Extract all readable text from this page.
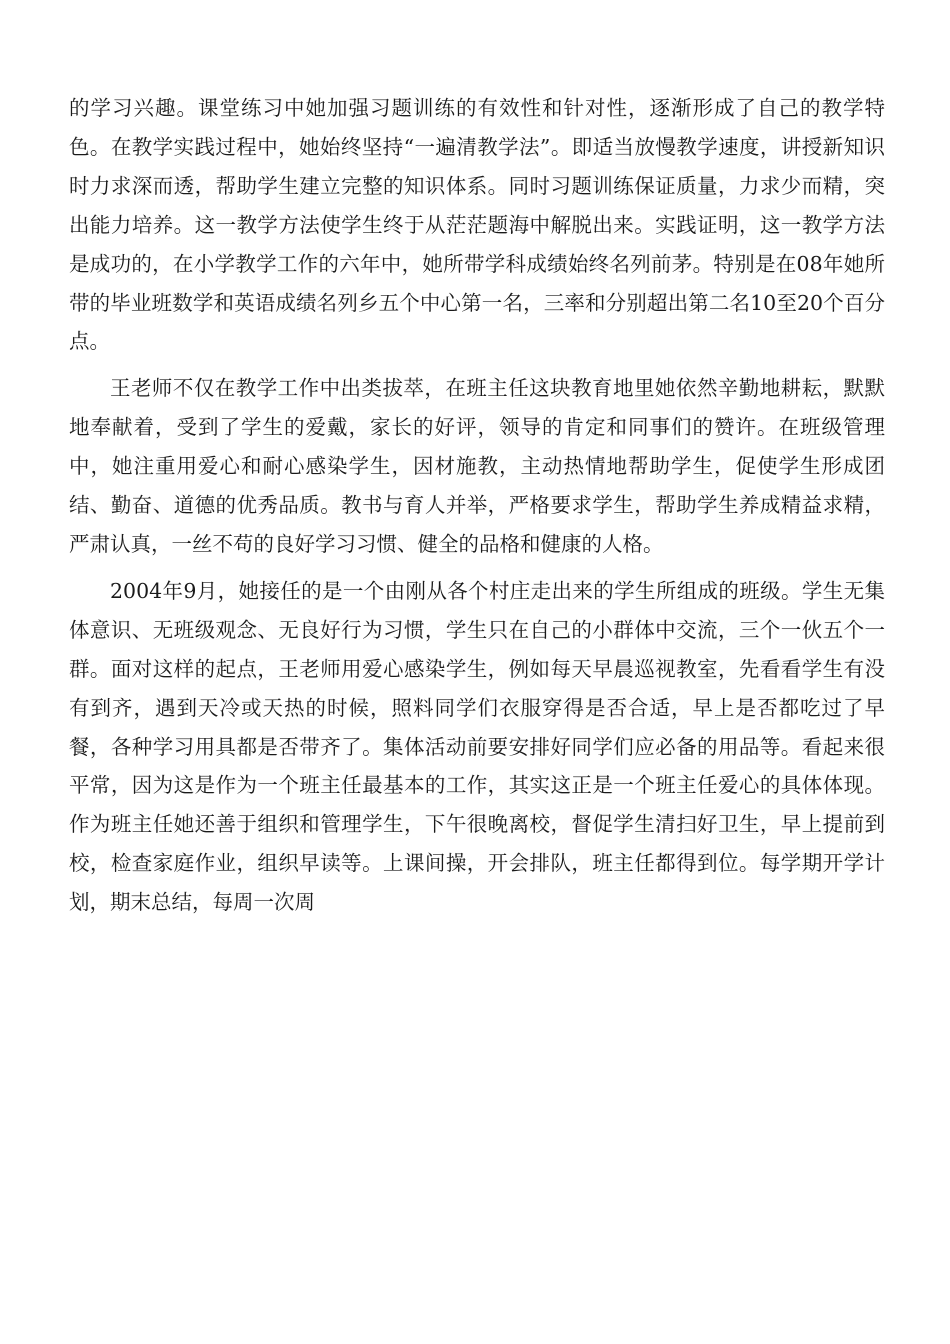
的学习兴趣。课堂练习中她加强习题训练的有效性和针对性，逐渐形成了自己的教学特色。在教学实践过程中，她始终坚持“一遍清教学法”。即适当放慢教学速度，讲授新知识时力求深而透，帮助学生建立完整的知识体系。同时习题训练保证质量，力求少而精，突出能力培养。这一教学方法使学生终于从茫茫题海中解脱出来。实践证明，这一教学方法是成功的，在小学教学工作的六年中，她所带学科成绩始终名列前茅。特别是在08年她所带的毕业班数学和英语成绩名列乡五个中心第一名，三率和分别超出第二名10至20个百分点。

王老师不仅在教学工作中出类拔萃，在班主任这块教育地里她依然辛勤地耕耘，默默地奉献着，受到了学生的爱戴，家长的好评，领导的肯定和同事们的赞许。在班级管理中，她注重用爱心和耐心感染学生，因材施教，主动热情地帮助学生，促使学生形成团结、勤奋、道德的优秀品质。教书与育人并举，严格要求学生，帮助学生养成精益求精，严肃认真，一丝不苟的良好学习习惯、健全的品格和健康的人格。

2004年9月，她接任的是一个由刚从各个村庄走出来的学生所组成的班级。学生无集体意识、无班级观念、无良好行为习惯，学生只在自己的小群体中交流，三个一伙五个一群。面对这样的起点，王老师用爱心感染学生，例如每天早晨巡视教室，先看看学生有没有到齐，遇到天冷或天热的时候，照料同学们衣服穿得是否合适，早上是否都吃过了早餐，各种学习用具都是否带齐了。集体活动前要安排好同学们应必备的用品等。看起来很平常，因为这是作为一个班主任最基本的工作，其实这正是一个班主任爱心的具体体现。 作为班主任她还善于组织和管理学生，下午很晚离校，督促学生清扫好卫生，早上提前到校，检查家庭作业，组织早读等。上课间操，开会排队，班主任都得到位。每学期开学计划，期末总结，每周一次周
